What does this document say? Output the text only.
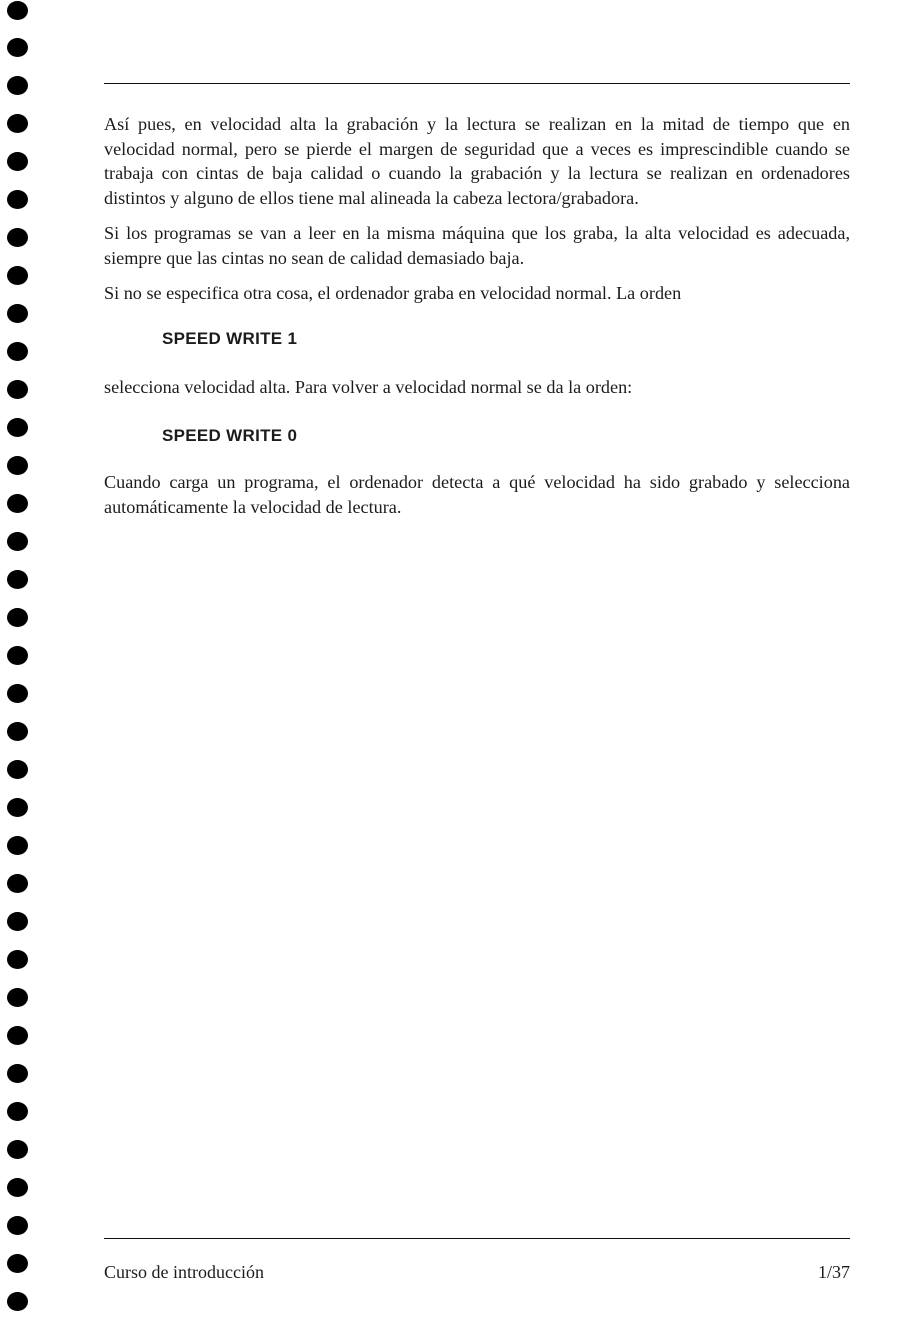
Así pues, en velocidad alta la grabación y la lectura se realizan en la mitad de tiempo que en velocidad normal, pero se pierde el margen de seguridad que a veces es imprescindible cuando se trabaja con cintas de baja calidad o cuando la grabación y la lectura se realizan en ordenadores distintos y alguno de ellos tiene mal alineada la cabeza lectora/grabadora.

Si los programas se van a leer en la misma máquina que los graba, la alta velocidad es adecuada, siempre que las cintas no sean de calidad demasiado baja.

Si no se especifica otra cosa, el ordenador graba en velocidad normal. La orden

SPEED WRITE 1

selecciona velocidad alta. Para volver a velocidad normal se da la orden:

SPEED WRITE 0

Cuando carga un programa, el ordenador detecta a qué velocidad ha sido grabado y selecciona automáticamente la velocidad de lectura.

Curso de introducción	1/37
